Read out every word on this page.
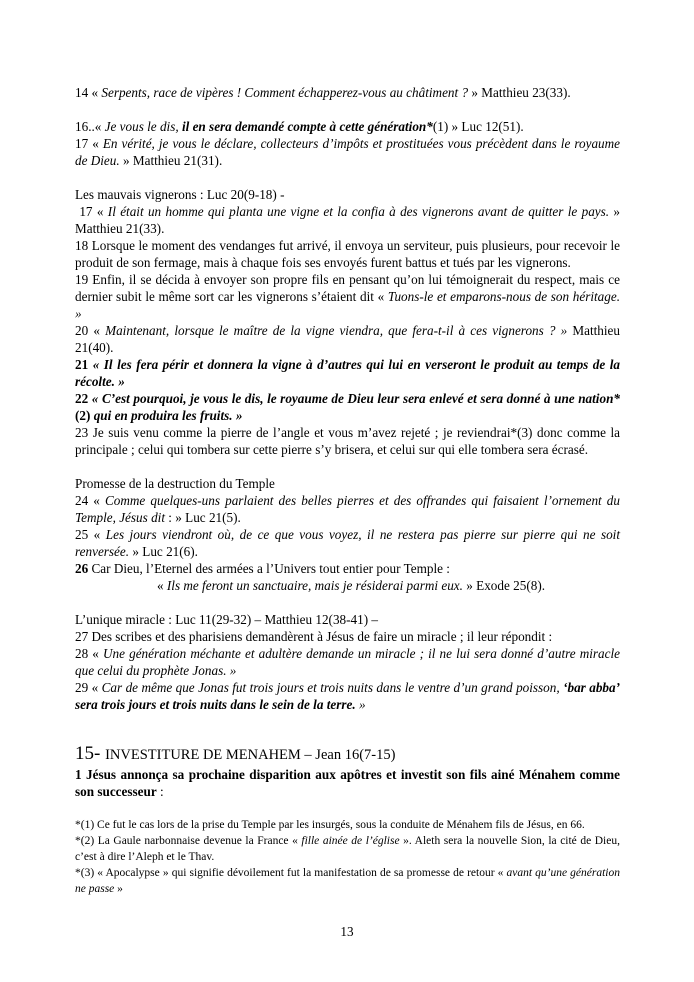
14 « Serpents, race de vipères ! Comment échapperez-vous au châtiment ? » Matthieu 23(33).

16..« Je vous le dis, il en sera demandé compte à cette génération*(1) » Luc 12(51).

17 « En vérité, je vous le déclare, collecteurs d’impôts et prostituées vous précèdent dans le royaume de Dieu. » Matthieu 21(31).

Les mauvais vignerons : Luc 20(9-18) -

17 « Il était un homme qui planta une vigne et la confia à des vignerons avant de quitter le pays. » Matthieu 21(33).

18 Lorsque le moment des vendanges fut arrivé, il envoya un serviteur, puis plusieurs, pour recevoir le produit de son fermage, mais à chaque fois ses envoyés furent battus et tués par les vignerons.

19 Enfin, il se décida à envoyer son propre fils en pensant qu’on lui témoignerait du respect, mais ce dernier subit le même sort car les vignerons s’étaient dit « Tuons-le et emparons-nous de son héritage. »

20 « Maintenant, lorsque le maître de la vigne viendra, que fera-t-il à ces vignerons ? » Matthieu 21(40).

21 « Il les fera périr et donnera la vigne à d’autres qui lui en verseront le produit au temps de la récolte. »

22 « C’est pourquoi, je vous le dis, le royaume de Dieu leur sera enlevé et sera donné à une nation*(2) qui en produira les fruits. »

23 Je suis venu comme la pierre de l’angle et vous m’avez rejeté ; je reviendrai*(3) donc comme la principale ; celui qui tombera sur cette pierre s’y brisera, et celui sur qui elle tombera sera écrasé.

Promesse de la destruction du Temple

24 « Comme quelques-uns parlaient des belles pierres et des offrandes qui faisaient l’ornement du Temple, Jésus dit : » Luc 21(5).

25 « Les jours viendront où, de ce que vous voyez, il ne restera pas pierre sur pierre qui ne soit renversée. » Luc 21(6).

26 Car Dieu, l’Eternel des armées a l’Univers tout entier pour Temple :

« Ils me feront un sanctuaire, mais je résiderai parmi eux. » Exode 25(8).

L’unique miracle : Luc 11(29-32) – Matthieu 12(38-41) –

27 Des scribes et des pharisiens demandèrent à Jésus de faire un miracle ; il leur répondit :

28 « Une génération méchante et adultère demande un miracle ; il ne lui sera donné d’autre miracle que celui du prophète Jonas. »

29 « Car de même que Jonas fut trois jours et trois nuits dans le ventre d’un grand poisson, ‘bar abba’ sera trois jours et trois nuits dans le sein de la terre. »

15- INVESTITURE DE MENAHEM – Jean 16(7-15)

1 Jésus annonça sa prochaine disparition aux apôtres et investit son fils ainé Ménahem comme son successeur :

*(1) Ce fut le cas lors de la prise du Temple par les insurgés, sous la conduite de Ménahem fils de Jésus, en 66.

*(2) La Gaule narbonnaise devenue la France « fille ainée de l’église ». Aleth sera la nouvelle Sion, la cité de Dieu, c’est à dire l’Aleph et le Thav.

*(3) « Apocalypse » qui signifie dévoilement fut la manifestation de sa promesse de retour « avant qu’une génération ne passe »

13
